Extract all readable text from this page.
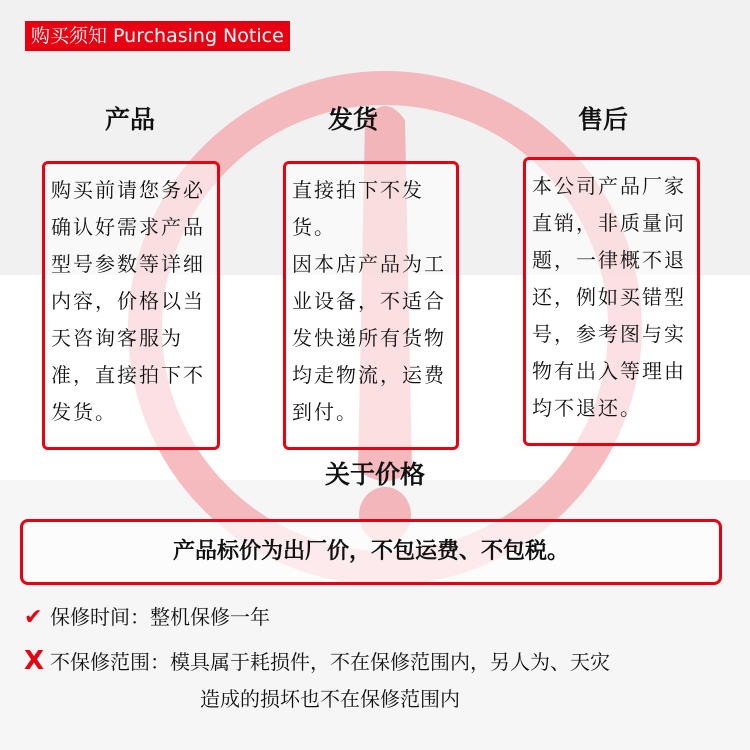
购买须知 Purchasing Notice
产品	发货	售后

购买前请您务必
确认好需求产品
型号参数等详细
内容，价格以当
天咨询客服为
准，直接拍下不
发货。

直接拍下不发
货。
因本店产品为工
业设备，不适合
发快递所有货物
均走物流，运费
到付。

本公司产品厂家
直销，非质量问
题，一律概不退
还，例如买错型
号，参考图与实
物有出入等理由
均不退还。

关于价格
产品标价为出厂价，不包运费、不包税。
✔ 保修时间：整机保修一年
X 不保修范围：模具属于耗损件，不在保修范围内，另人为、天灾
造成的损坏也不在保修范围内
